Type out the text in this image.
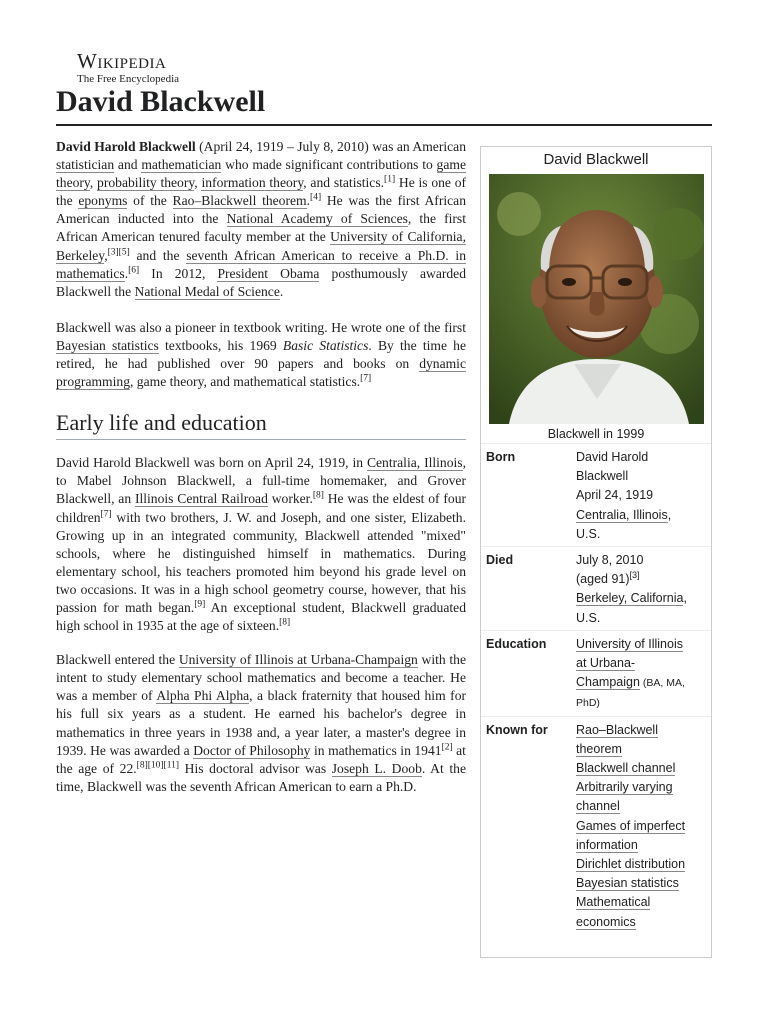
Wikipedia
The Free Encyclopedia
David Blackwell

David Harold Blackwell (April 24, 1919 – July 8, 2010) was an American statistician and mathematician who made significant contributions to game theory, probability theory, information theory, and statistics.[1] He is one of the eponyms of the Rao–Blackwell theorem.[4] He was the first African American inducted into the National Academy of Sciences, the first African American tenured faculty member at the University of California, Berkeley,[3][5] and the seventh African American to receive a Ph.D. in mathematics.[6] In 2012, President Obama posthumously awarded Blackwell the National Medal of Science.

Blackwell was also a pioneer in textbook writing. He wrote one of the first Bayesian statistics textbooks, his 1969 Basic Statistics. By the time he retired, he had published over 90 papers and books on dynamic programming, game theory, and mathematical statistics.[7]

Early life and education

David Harold Blackwell was born on April 24, 1919, in Centralia, Illinois, to Mabel Johnson Blackwell, a full-time homemaker, and Grover Blackwell, an Illinois Central Railroad worker.[8] He was the eldest of four children[7] with two brothers, J. W. and Joseph, and one sister, Elizabeth. Growing up in an integrated community, Blackwell attended "mixed" schools, where he distinguished himself in mathematics. During elementary school, his teachers promoted him beyond his grade level on two occasions. It was in a high school geometry course, however, that his passion for math began.[9] An exceptional student, Blackwell graduated high school in 1935 at the age of sixteen.[8]

Blackwell entered the University of Illinois at Urbana-Champaign with the intent to study elementary school mathematics and become a teacher. He was a member of Alpha Phi Alpha, a black fraternity that housed him for his full six years as a student. He earned his bachelor's degree in mathematics in three years in 1938 and, a year later, a master's degree in 1939. He was awarded a Doctor of Philosophy in mathematics in 1941[2] at the age of 22.[8][10][11] His doctoral advisor was Joseph L. Doob. At the time, Blackwell was the seventh African American to earn a Ph.D.

David Blackwell
Blackwell in 1999
Born	David Harold
Blackwell
April 24, 1919
Centralia, Illinois,
U.S.
Died	July 8, 2010
(aged 91)[3]
Berkeley, California,
U.S.
Education	University of Illinois
at Urbana-
Champaign (BA, MA,
PhD)
Known for	Rao–Blackwell
theorem
Blackwell channel
Arbitrarily varying
channel
Games of imperfect
information
Dirichlet distribution
Bayesian statistics
Mathematical
economics
